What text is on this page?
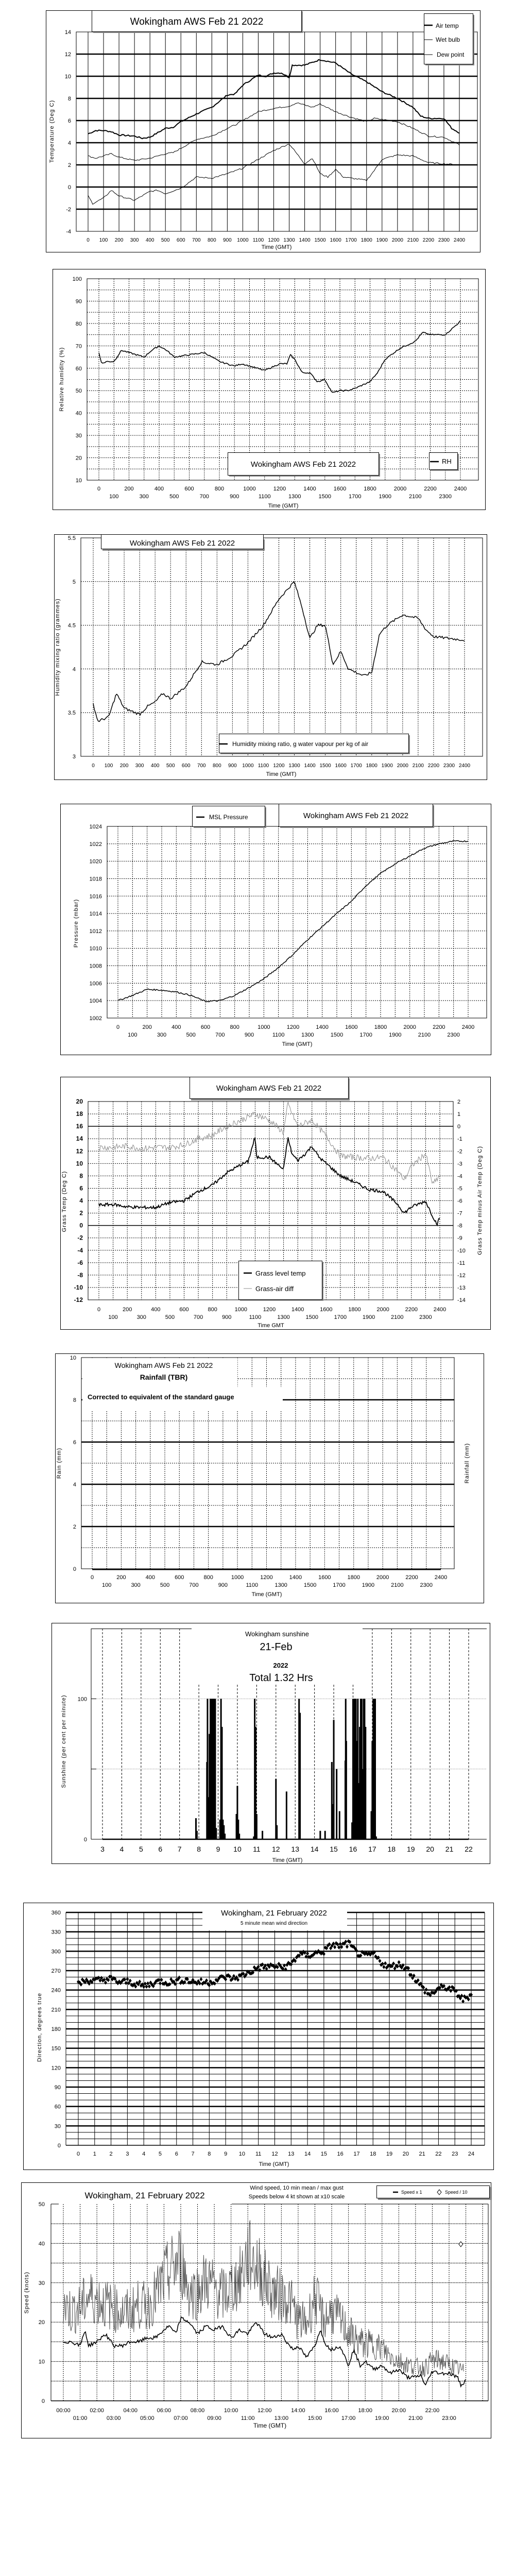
Wokingham AWS Feb 21 2022
Temperature (Deg C)
Time (GMT)
Air temp
Wet bulb
Dew point
-4
-2
0
2
4
6
8
10
12
14
0 100 200 300 400 500 600 700 800 900 1000 1100 1200 1300 1400 1500 1600 1700 1800 1900 2000 2100 2200 2300 2400
Wokingham AWS Feb 21 2022	RH
Relative humidity (%)
Time (GMT)
10
20
30
40
50
60
70
80
90
100
0	200	400	600	800	1000	1200	1400	1600	1800	2000	2200	2400
100	300	500	700	900	1100	1300	1500	1700	1900	2100	2300
Wokingham AWS Feb 21 2022
Humidity mixing ratio, g water vapour per kg of air
Humidity mixing ratio (grammes)
Time (GMT)
3
3.5
4
4.5
5
5.5
0 100 200 300 400 500 600 700 800 900 1000 1100 1200 1300 1400 1500 1600 1700 1800 1900 2000 2100 2200 2300 2400
MSL Pressure	Wokingham AWS Feb 21 2022
Pressure (mbar)
Time (GMT)
1002
1004
1006
1008
1010
1012
1014
1016
1018
1020
1022
1024
0	200	400	600	800	1000	1200	1400	1600	1800	2000	2200	2400
100	300	500	700	900	1100	1300	1500	1700	1900	2100	2300
Wokingham AWS Feb 21 2022
Grass level temp
Grass-air diff
Grass Temp (Deg C)	Grass Temp minus Air Temp (Deg C)
Time GMT
-12
-10
-8
-6
-4
-2
0
2
4
6
8
10
12
14
16
18
20
0	200	400	600	800	1000	1200	1400	1600	1800	2000	2200	2400
100	300	500	700	900	1100	1300	1500	1700	1900	2100	2300
-14
-13
-12
-11
-10
-9
-8
-7
-6
-5
-4
-3
-2
-1
0
1
2
Wokingham AWS Feb 21 2022
Rainfall (TBR)
Corrected to equivalent of the standard gauge
Rain (mm)	Rainfall (mm)
Time (GMT)
0
2
4
6
8
10
0	200	400	600	800	1000	1200	1400	1600	1800	2000	2200	2400
100	300	500	700	900	1100	1300	1500	1700	1900	2100	2300
Wokingham sunshine
21-Feb
2022
Total 1.32 Hrs
Sunshine (per cent per minute)
Time (GMT)
0
100
3 4 5 6 7 8 9 10 11 12 13 14 15 16 17 18 19 20 21 22
Wokingham, 21 February 2022
5 minute mean wind direction
Direction, degrees true
Time (GMT)
0
30
60
90
120
150
180
210
240
270
300
330
360
0 1 2 3 4 5 6 7 8 9 10 11 12 13 14 15 16 17 18 19 20 21 22 23 24
Wokingham, 21 February 2022
Wind speed, 10 min mean / max gust
Speeds below 4 kt shown at x10 scale
Speed x 1	Speed / 10
Speed (knots)
Time (GMT)
0
10
20
30
40
50
00:00	02:00	04:00	06:00	08:00	10:00	12:00	14:00	16:00	18:00	20:00	22:00
01:00	03:00	05:00	07:00	09:00	11:00	13:00	15:00	17:00	19:00	21:00	23:00
